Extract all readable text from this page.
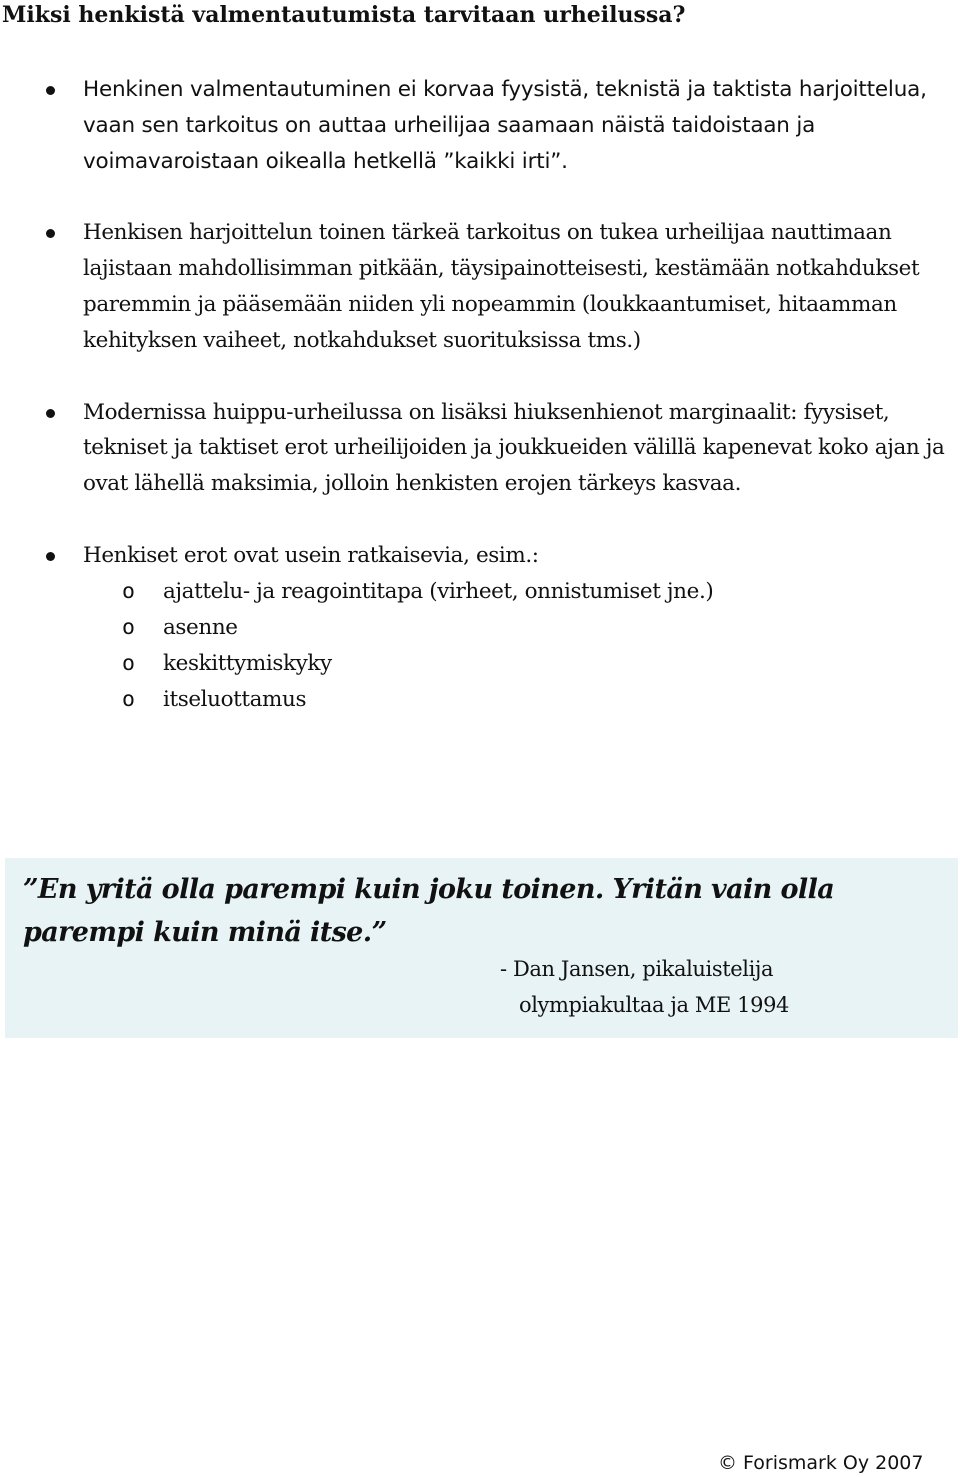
Miksi henkistä valmentautumista tarvitaan urheilussa?
Henkinen valmentautuminen ei korvaa fyysistä, teknistä ja taktista harjoittelua, vaan sen tarkoitus on auttaa urheilijaa saamaan näistä taidoistaan ja voimavaroistaan oikealla hetkellä ”kaikki irti”.
Henkisen harjoittelun toinen tärkeä tarkoitus on tukea urheilijaa nauttimaan lajistaan mahdollisimman pitkään, täysipainotteisesti, kestämään notkahdukset paremmin ja pääsemään niiden yli nopeammin (loukkaantumiset, hitaamman kehityksen vaiheet, notkahdukset suorituksissa tms.)
Modernissa huippu-urheilussa on lisäksi hiuksenhienot marginaalit: fyysiset, tekniset ja taktiset erot urheilijoiden ja joukkueiden välillä kapenevat koko ajan ja ovat lähellä maksimia, jolloin henkisten erojen tärkeys kasvaa.
Henkiset erot ovat usein ratkaisevia, esim.:
o ajattelu- ja reagointitapa (virheet, onnistumiset jne.)
o asenne
o keskittymiskyky
o itseluottamus

”En yritä olla parempi kuin joku toinen. Yritän vain olla parempi kuin minä itse.”

- Dan Jansen, pikaluistelija
olympiakultaa ja ME 1994
© Forismark Oy 2007
